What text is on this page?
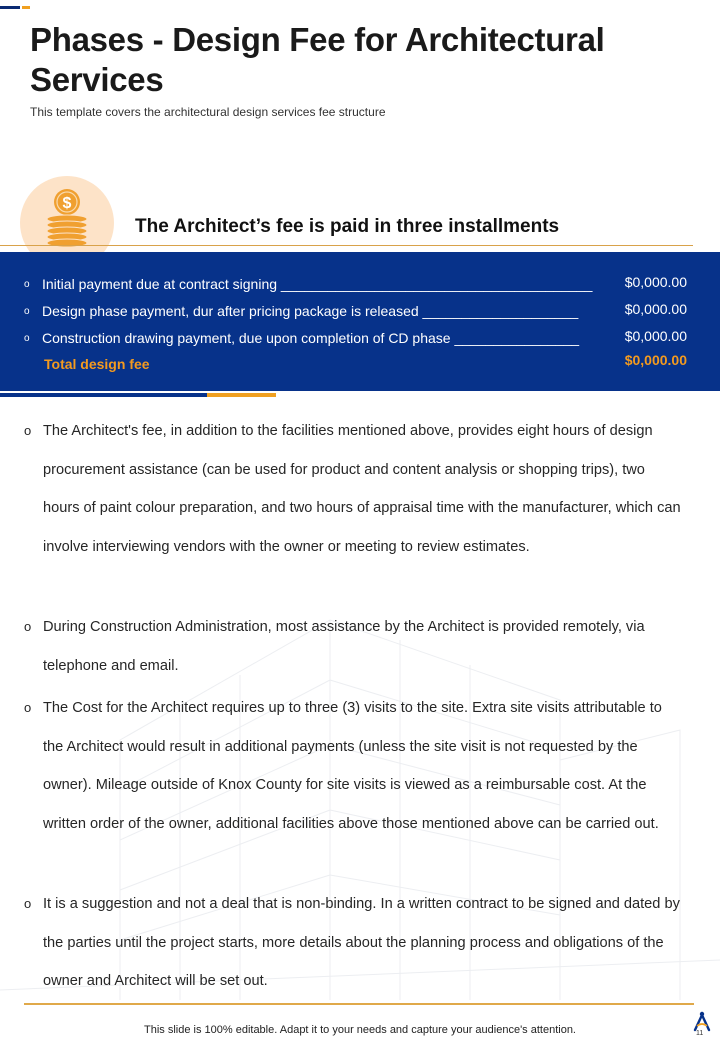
Phases - Design Fee for Architectural Services
This template covers the architectural design services fee structure
$
The Architect’s fee is paid in three installments
o Initial payment due at contract signing ________________________________________ $0,000.00
o Design phase payment, dur after pricing package is released ____________________	$0,000.00
o Construction drawing payment, due upon completion of CD phase ________________	$0,000.00
Total design fee	$0,000.00
o The Architect's fee, in addition to the facilities mentioned above, provides eight hours of design procurement assistance (can be used for product and content analysis or shopping trips), two hours of paint colour preparation, and two hours of appraisal time with the manufacturer, which can involve interviewing vendors with the owner or meeting to review estimates.
o During Construction Administration, most assistance by the Architect is provided remotely, via telephone and email.
o The Cost for the Architect requires up to three (3) visits to the site. Extra site visits attributable to the Architect would result in additional payments (unless the site visit is not requested by the owner). Mileage outside of Knox County for site visits is viewed as a reimbursable cost. At the written order of the owner, additional facilities above those mentioned above can be carried out.
o It is a suggestion and not a deal that is non-binding. In a written contract to be signed and dated by the parties until the project starts, more details about the planning process and obligations of the owner and Architect will be set out.
This slide is 100% editable. Adapt it to your needs and capture your audience's attention.	11
